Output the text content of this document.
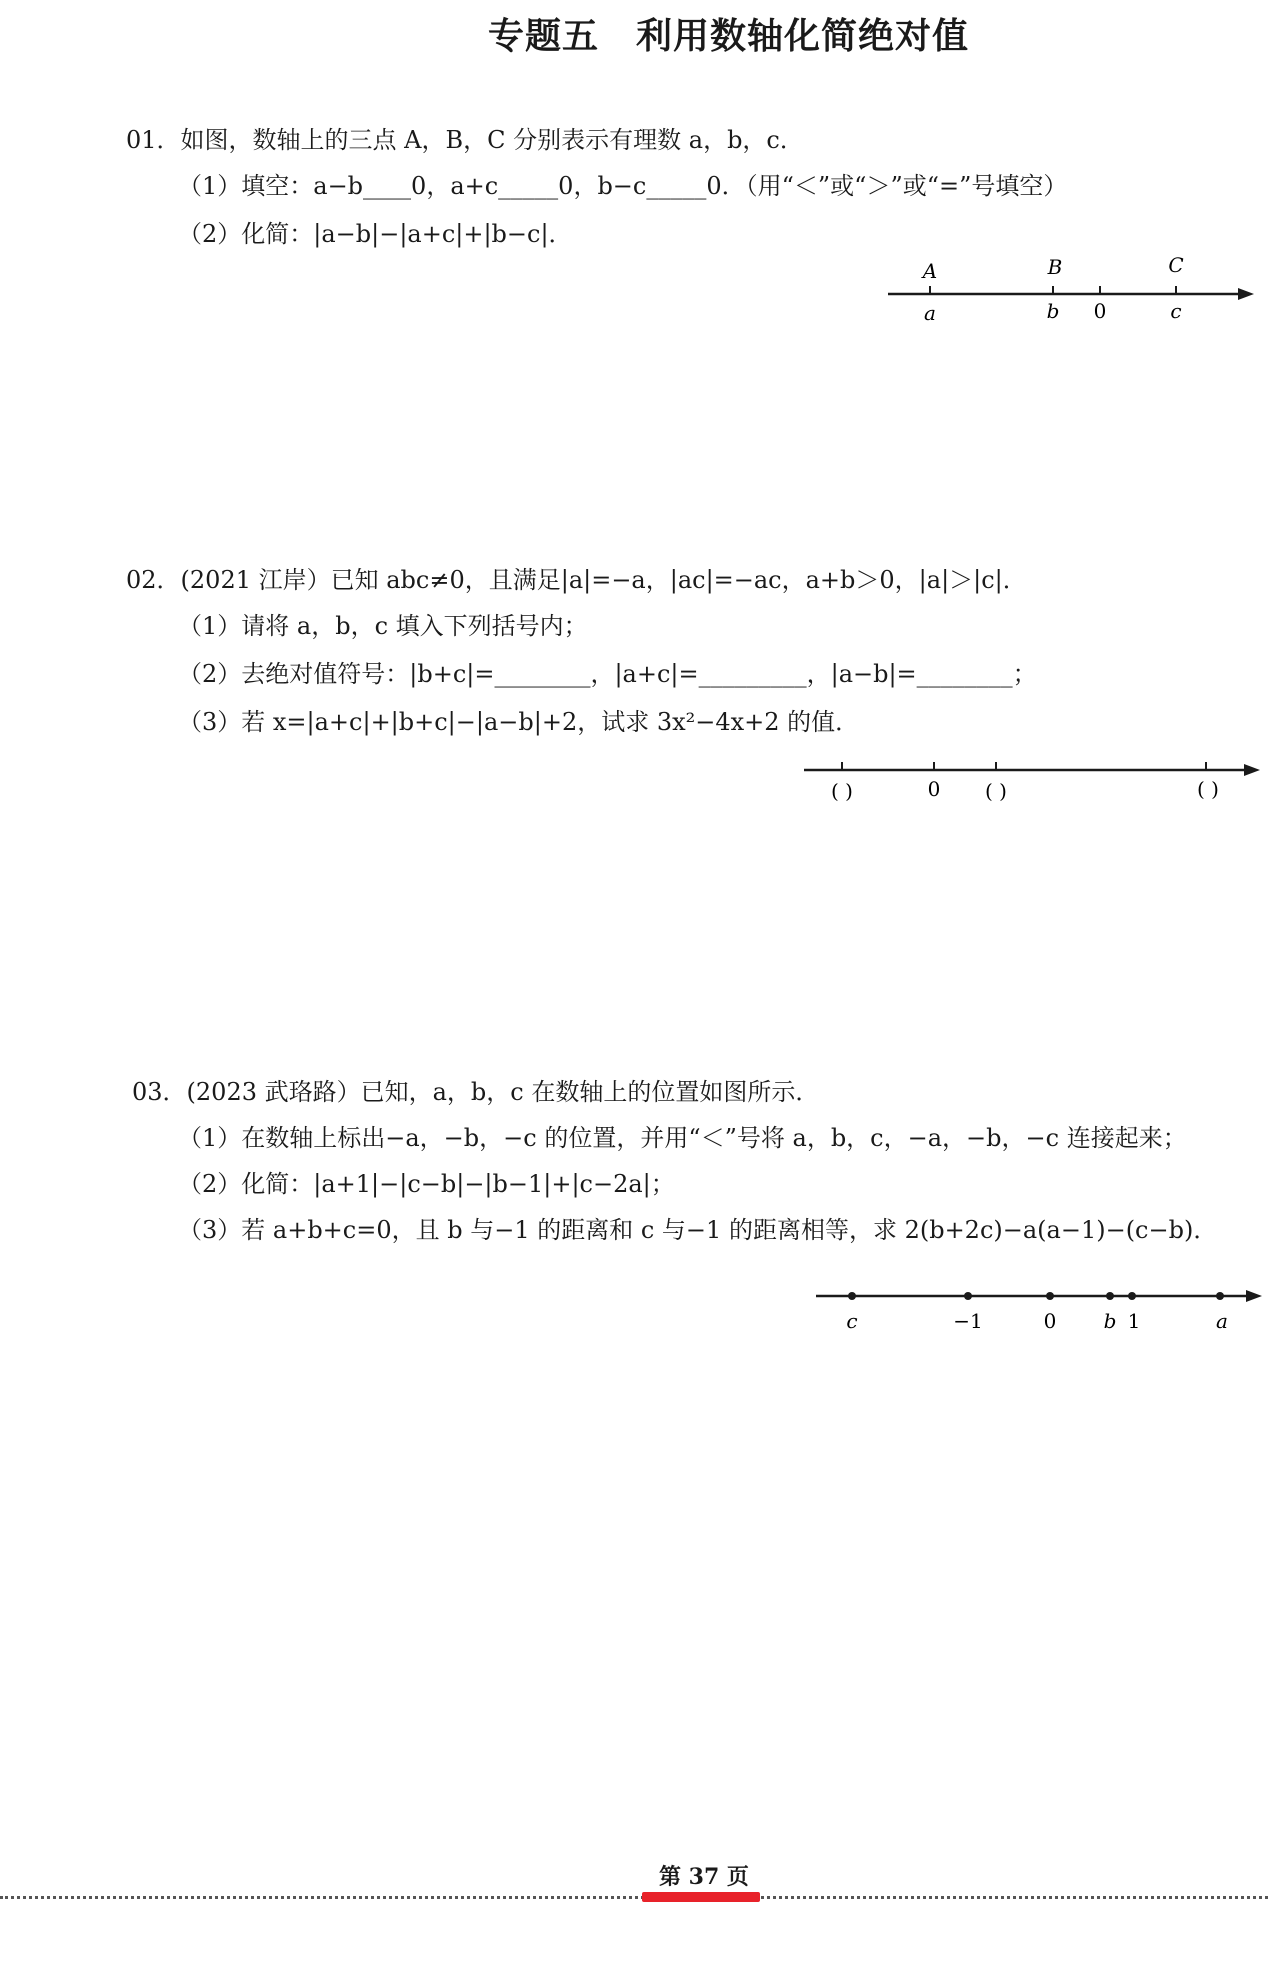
专题五　利用数轴化简绝对值
01．如图，数轴上的三点 A，B，C 分别表示有理数 a，b，c．
（1）填空：a−b____0，a+c_____0，b−c_____0．（用“＜”或“＞”或“=”号填空）
（2）化简：|a−b|−|a+c|+|b−c|．
A	B	C
a	b 0	c
02．(2021 江岸）已知 abc≠0，且满足|a|=−a，|ac|=−ac，a+b＞0，|a|＞|c|．
（1）请将 a，b，c 填入下列括号内；
（2）去绝对值符号：|b+c|=________，|a+c|=_________，|a−b|=________；
（3）若 x=|a+c|+|b+c|−|a−b|+2，试求 3x²−4x+2 的值．
( )	0 ( )	( )
03．(2023 武珞路）已知，a，b，c 在数轴上的位置如图所示．
（1）在数轴上标出−a，−b，−c 的位置，并用“＜”号将 a，b，c，−a，−b，−c 连接起来；
（2）化简：|a+1|−|c−b|−|b−1|+|c−2a|；
（3）若 a+b+c=0，且 b 与−1 的距离和 c 与−1 的距离相等，求 2(b+2c)−a(a−1)−(c−b)．
c	−1	0 b 1	a
第 37 页
